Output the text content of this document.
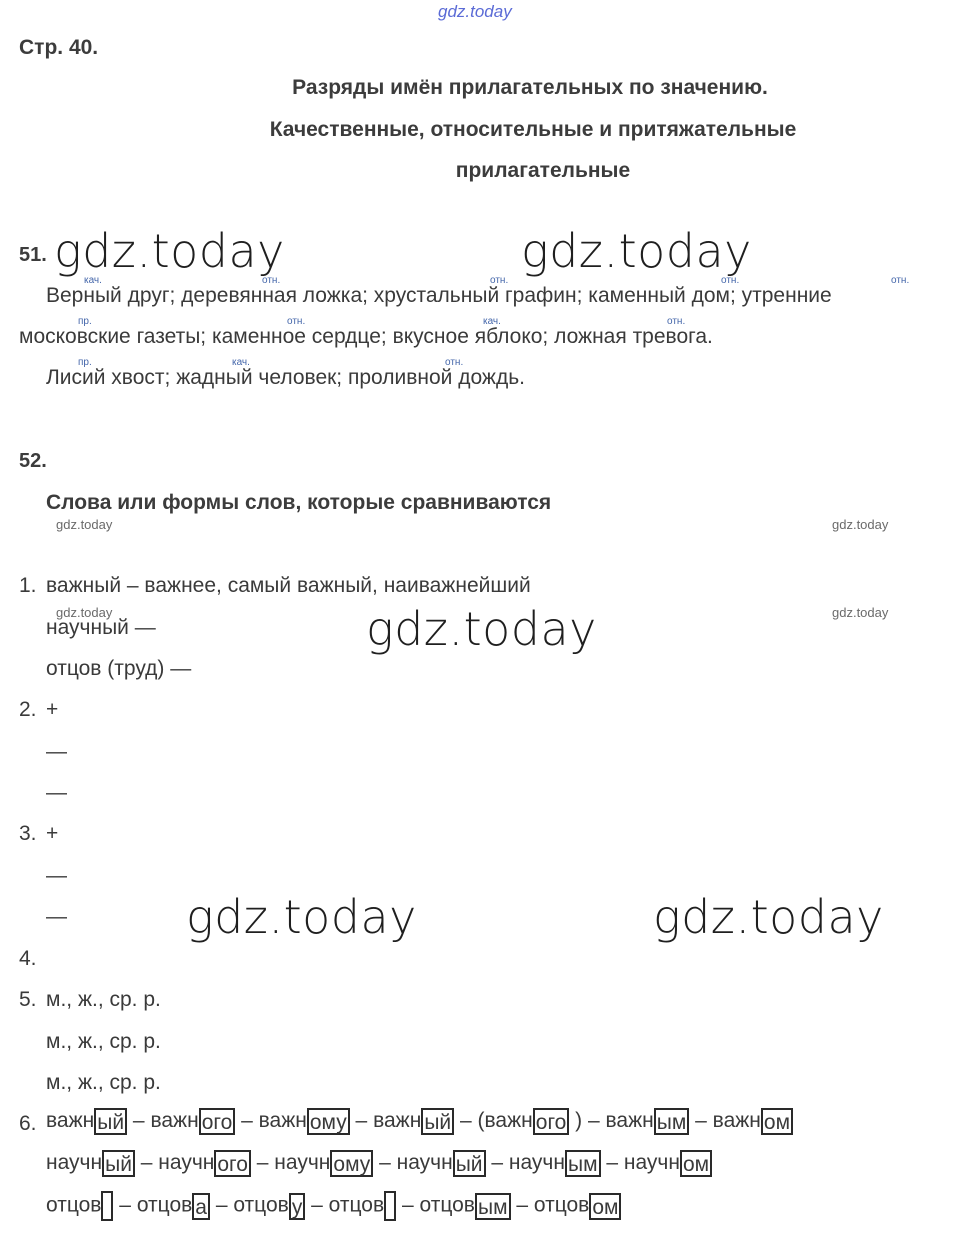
gdz.today
Стр. 40.
Разряды имён прилагательных по значению.
Качественные, относительные и притяжательные
прилагательные
51. gdz.today	gdz.today
кач.	отн.	отн.	отн.	отн.
Верный друг; деревянная ложка; хрустальный графин; каменный дом; утренние
пр.	отн.	кач.	отн.
московские газеты; каменное сердце; вкусное яблоко; ложная тревога.
пр.	кач.	отн.
Лисий хвост; жадный человек; проливной дождь.
52.
Слова или формы слов, которые сравниваются
gdz.today	gdz.today
1. важный – важнее, самый важный, наиважнейший
gdz.today	gdz.today
научный —	gdz.today
отцов (труд) —
2. +
—
—
3. +
—
—	gdz.today	gdz.today
4.
5. м., ж., ср. р.
м., ж., ср. р.
м., ж., ср. р.
6. важн ый – важн ого – важн ому – важн ый – (важн ого ) – важн ым – важн ом
научн ый – научн ого – научн ому – научн ый – научн ым – научн ом
отцов – отцов а – отцов у – отцов – отцов ым – отцов ом
